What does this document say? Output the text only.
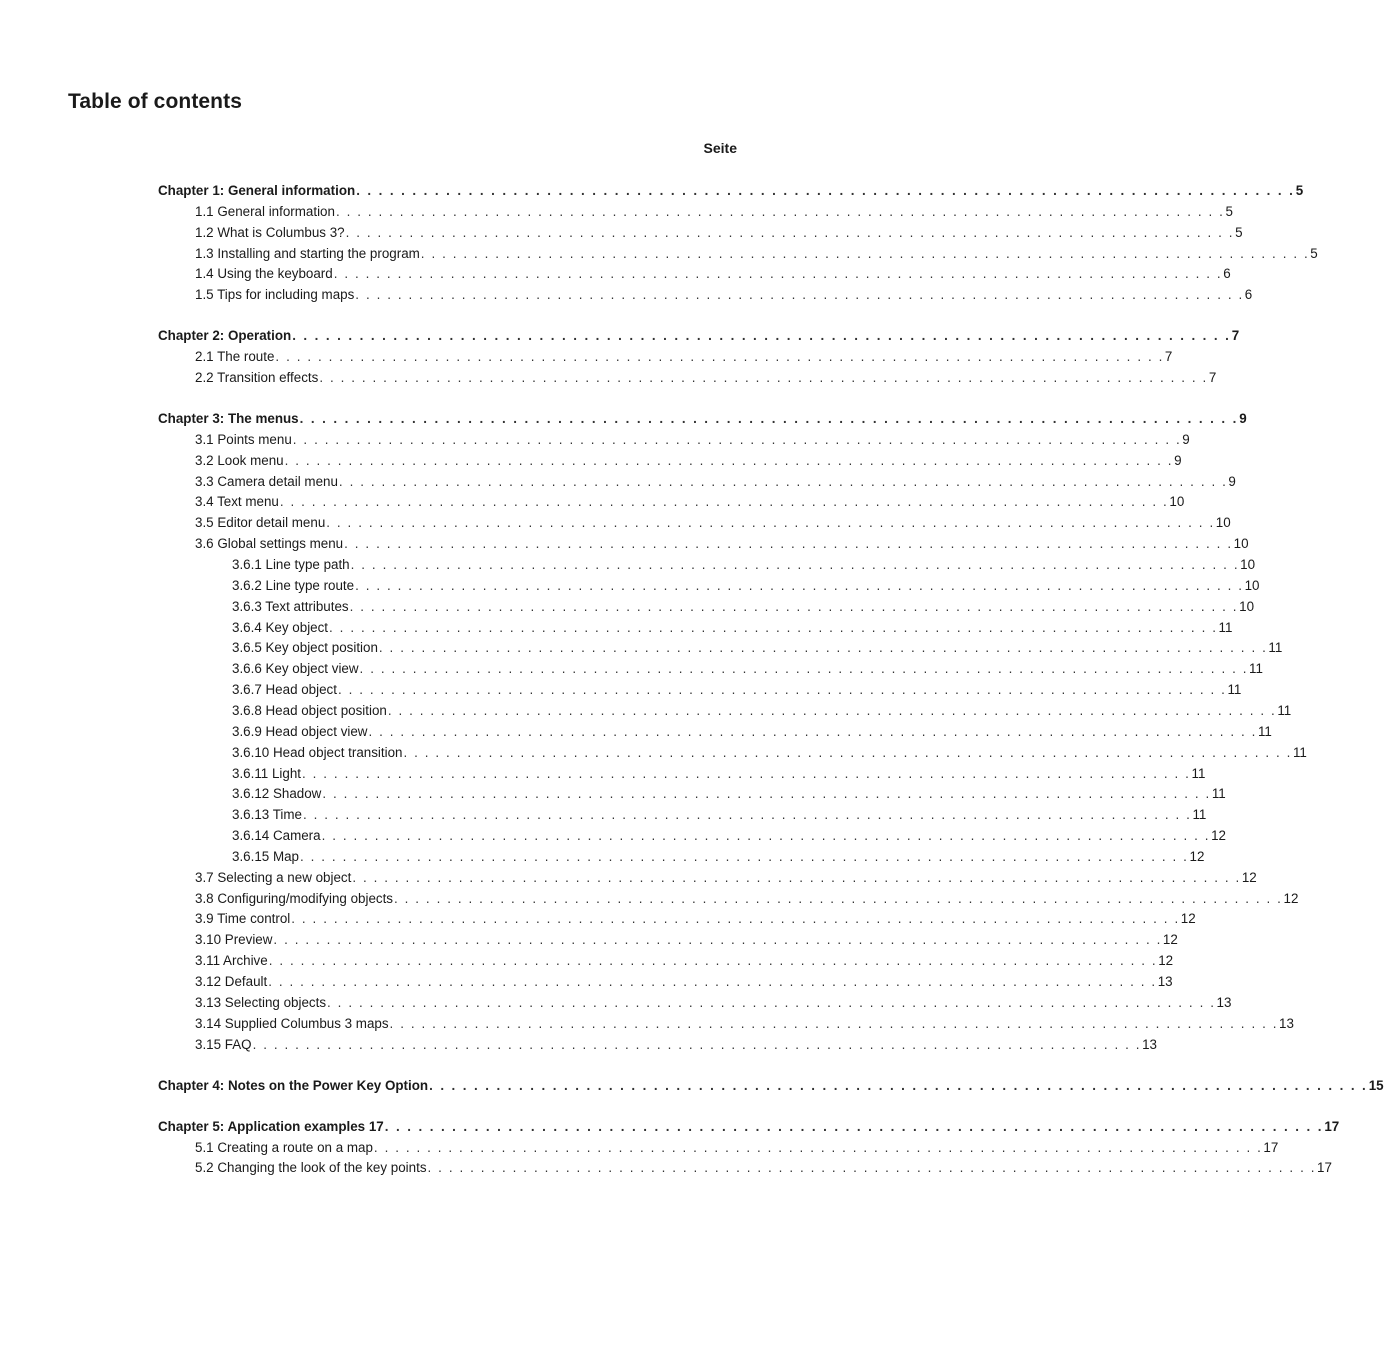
Table of contents
Seite
Chapter 1: General information . . . . . . . . . . . . . . . . . . . . . . . . . . . . . . . . . . . . . . . . . . . . . . . . . . . . . . . . . . . . . . . . . . . . . . . . . . . . . . . . . . . . 5
1.1 General information . . . . . . . . . . . . . . . . . . . . . . . . . . . . . . . . . . . . . . . . . . . . . . . . . . . . . . . . . . . . . . . . . . . . . . . . . . . . . . . . . . . . 5
1.2 What is Columbus 3? . . . . . . . . . . . . . . . . . . . . . . . . . . . . . . . . . . . . . . . . . . . . . . . . . . . . . . . . . . . . . . . . . . . . . . . . . . . . . . . . . . . . 5
1.3 Installing and starting the program . . . . . . . . . . . . . . . . . . . . . . . . . . . . . . . . . . . . . . . . . . . . . . . . . . . . . . . . . . . . . . . . . . . . . . . . . . . . . . . . . . . . 5
1.4 Using the keyboard . . . . . . . . . . . . . . . . . . . . . . . . . . . . . . . . . . . . . . . . . . . . . . . . . . . . . . . . . . . . . . . . . . . . . . . . . . . . . . . . . . . . 6
1.5 Tips for including maps . . . . . . . . . . . . . . . . . . . . . . . . . . . . . . . . . . . . . . . . . . . . . . . . . . . . . . . . . . . . . . . . . . . . . . . . . . . . . . . . . . . . 6
Chapter 2: Operation . . . . . . . . . . . . . . . . . . . . . . . . . . . . . . . . . . . . . . . . . . . . . . . . . . . . . . . . . . . . . . . . . . . . . . . . . . . . . . . . . . . . 7
2.1 The route . . . . . . . . . . . . . . . . . . . . . . . . . . . . . . . . . . . . . . . . . . . . . . . . . . . . . . . . . . . . . . . . . . . . . . . . . . . . . . . . . . . . 7
2.2 Transition effects . . . . . . . . . . . . . . . . . . . . . . . . . . . . . . . . . . . . . . . . . . . . . . . . . . . . . . . . . . . . . . . . . . . . . . . . . . . . . . . . . . . . 7
Chapter 3: The menus . . . . . . . . . . . . . . . . . . . . . . . . . . . . . . . . . . . . . . . . . . . . . . . . . . . . . . . . . . . . . . . . . . . . . . . . . . . . . . . . . . . . 9
3.1 Points menu . . . . . . . . . . . . . . . . . . . . . . . . . . . . . . . . . . . . . . . . . . . . . . . . . . . . . . . . . . . . . . . . . . . . . . . . . . . . . . . . . . . . 9
3.2 Look menu . . . . . . . . . . . . . . . . . . . . . . . . . . . . . . . . . . . . . . . . . . . . . . . . . . . . . . . . . . . . . . . . . . . . . . . . . . . . . . . . . . . . 9
3.3 Camera detail menu . . . . . . . . . . . . . . . . . . . . . . . . . . . . . . . . . . . . . . . . . . . . . . . . . . . . . . . . . . . . . . . . . . . . . . . . . . . . . . . . . . . . 9
3.4 Text menu . . . . . . . . . . . . . . . . . . . . . . . . . . . . . . . . . . . . . . . . . . . . . . . . . . . . . . . . . . . . . . . . . . . . . . . . . . . . . . . . . . . . 10
3.5 Editor detail menu . . . . . . . . . . . . . . . . . . . . . . . . . . . . . . . . . . . . . . . . . . . . . . . . . . . . . . . . . . . . . . . . . . . . . . . . . . . . . . . . . . . . 10
3.6 Global settings menu . . . . . . . . . . . . . . . . . . . . . . . . . . . . . . . . . . . . . . . . . . . . . . . . . . . . . . . . . . . . . . . . . . . . . . . . . . . . . . . . . . . . 10
3.6.1 Line type path . . . . . . . . . . . . . . . . . . . . . . . . . . . . . . . . . . . . . . . . . . . . . . . . . . . . . . . . . . . . . . . . . . . . . . . . . . . . . . . . . . . . 10
3.6.2 Line type route . . . . . . . . . . . . . . . . . . . . . . . . . . . . . . . . . . . . . . . . . . . . . . . . . . . . . . . . . . . . . . . . . . . . . . . . . . . . . . . . . . . . 10
3.6.3 Text attributes . . . . . . . . . . . . . . . . . . . . . . . . . . . . . . . . . . . . . . . . . . . . . . . . . . . . . . . . . . . . . . . . . . . . . . . . . . . . . . . . . . . . 10
3.6.4 Key object . . . . . . . . . . . . . . . . . . . . . . . . . . . . . . . . . . . . . . . . . . . . . . . . . . . . . . . . . . . . . . . . . . . . . . . . . . . . . . . . . . . . 11
3.6.5 Key object position . . . . . . . . . . . . . . . . . . . . . . . . . . . . . . . . . . . . . . . . . . . . . . . . . . . . . . . . . . . . . . . . . . . . . . . . . . . . . . . . . . . . 11
3.6.6 Key object view . . . . . . . . . . . . . . . . . . . . . . . . . . . . . . . . . . . . . . . . . . . . . . . . . . . . . . . . . . . . . . . . . . . . . . . . . . . . . . . . . . . . 11
3.6.7 Head object . . . . . . . . . . . . . . . . . . . . . . . . . . . . . . . . . . . . . . . . . . . . . . . . . . . . . . . . . . . . . . . . . . . . . . . . . . . . . . . . . . . . 11
3.6.8 Head object position . . . . . . . . . . . . . . . . . . . . . . . . . . . . . . . . . . . . . . . . . . . . . . . . . . . . . . . . . . . . . . . . . . . . . . . . . . . . . . . . . . . . 11
3.6.9 Head object view . . . . . . . . . . . . . . . . . . . . . . . . . . . . . . . . . . . . . . . . . . . . . . . . . . . . . . . . . . . . . . . . . . . . . . . . . . . . . . . . . . . . 11
3.6.10 Head object transition . . . . . . . . . . . . . . . . . . . . . . . . . . . . . . . . . . . . . . . . . . . . . . . . . . . . . . . . . . . . . . . . . . . . . . . . . . . . . . . . . . . . 11
3.6.11 Light . . . . . . . . . . . . . . . . . . . . . . . . . . . . . . . . . . . . . . . . . . . . . . . . . . . . . . . . . . . . . . . . . . . . . . . . . . . . . . . . . . . . 11
3.6.12 Shadow . . . . . . . . . . . . . . . . . . . . . . . . . . . . . . . . . . . . . . . . . . . . . . . . . . . . . . . . . . . . . . . . . . . . . . . . . . . . . . . . . . . . 11
3.6.13 Time . . . . . . . . . . . . . . . . . . . . . . . . . . . . . . . . . . . . . . . . . . . . . . . . . . . . . . . . . . . . . . . . . . . . . . . . . . . . . . . . . . . . 11
3.6.14 Camera . . . . . . . . . . . . . . . . . . . . . . . . . . . . . . . . . . . . . . . . . . . . . . . . . . . . . . . . . . . . . . . . . . . . . . . . . . . . . . . . . . . . 12
3.6.15 Map . . . . . . . . . . . . . . . . . . . . . . . . . . . . . . . . . . . . . . . . . . . . . . . . . . . . . . . . . . . . . . . . . . . . . . . . . . . . . . . . . . . . 12
3.7 Selecting a new object . . . . . . . . . . . . . . . . . . . . . . . . . . . . . . . . . . . . . . . . . . . . . . . . . . . . . . . . . . . . . . . . . . . . . . . . . . . . . . . . . . . . 12
3.8 Configuring/modifying objects . . . . . . . . . . . . . . . . . . . . . . . . . . . . . . . . . . . . . . . . . . . . . . . . . . . . . . . . . . . . . . . . . . . . . . . . . . . . . . . . . . . . 12
3.9 Time control . . . . . . . . . . . . . . . . . . . . . . . . . . . . . . . . . . . . . . . . . . . . . . . . . . . . . . . . . . . . . . . . . . . . . . . . . . . . . . . . . . . . 12
3.10 Preview . . . . . . . . . . . . . . . . . . . . . . . . . . . . . . . . . . . . . . . . . . . . . . . . . . . . . . . . . . . . . . . . . . . . . . . . . . . . . . . . . . . . 12
3.11 Archive . . . . . . . . . . . . . . . . . . . . . . . . . . . . . . . . . . . . . . . . . . . . . . . . . . . . . . . . . . . . . . . . . . . . . . . . . . . . . . . . . . . . 12
3.12 Default . . . . . . . . . . . . . . . . . . . . . . . . . . . . . . . . . . . . . . . . . . . . . . . . . . . . . . . . . . . . . . . . . . . . . . . . . . . . . . . . . . . . 13
3.13 Selecting objects . . . . . . . . . . . . . . . . . . . . . . . . . . . . . . . . . . . . . . . . . . . . . . . . . . . . . . . . . . . . . . . . . . . . . . . . . . . . . . . . . . . . 13
3.14 Supplied Columbus 3 maps . . . . . . . . . . . . . . . . . . . . . . . . . . . . . . . . . . . . . . . . . . . . . . . . . . . . . . . . . . . . . . . . . . . . . . . . . . . . . . . . . . . . 13
3.15 FAQ . . . . . . . . . . . . . . . . . . . . . . . . . . . . . . . . . . . . . . . . . . . . . . . . . . . . . . . . . . . . . . . . . . . . . . . . . . . . . . . . . . . . 13
Chapter 4: Notes on the Power Key Option . . . . . . . . . . . . . . . . . . . . . . . . . . . . . . . . . . . . . . . . . . . . . . . . . . . . . . . . . . . . . . . . . . . . . . . . . . . . . . . . . . . . 15
Chapter 5: Application examples 17 . . . . . . . . . . . . . . . . . . . . . . . . . . . . . . . . . . . . . . . . . . . . . . . . . . . . . . . . . . . . . . . . . . . . . . . . . . . . . . . . . . . . 17
5.1 Creating a route on a map . . . . . . . . . . . . . . . . . . . . . . . . . . . . . . . . . . . . . . . . . . . . . . . . . . . . . . . . . . . . . . . . . . . . . . . . . . . . . . . . . . . . 17
5.2 Changing the look of the key points . . . . . . . . . . . . . . . . . . . . . . . . . . . . . . . . . . . . . . . . . . . . . . . . . . . . . . . . . . . . . . . . . . . . . . . . . . . . . . . . . . . . 17
